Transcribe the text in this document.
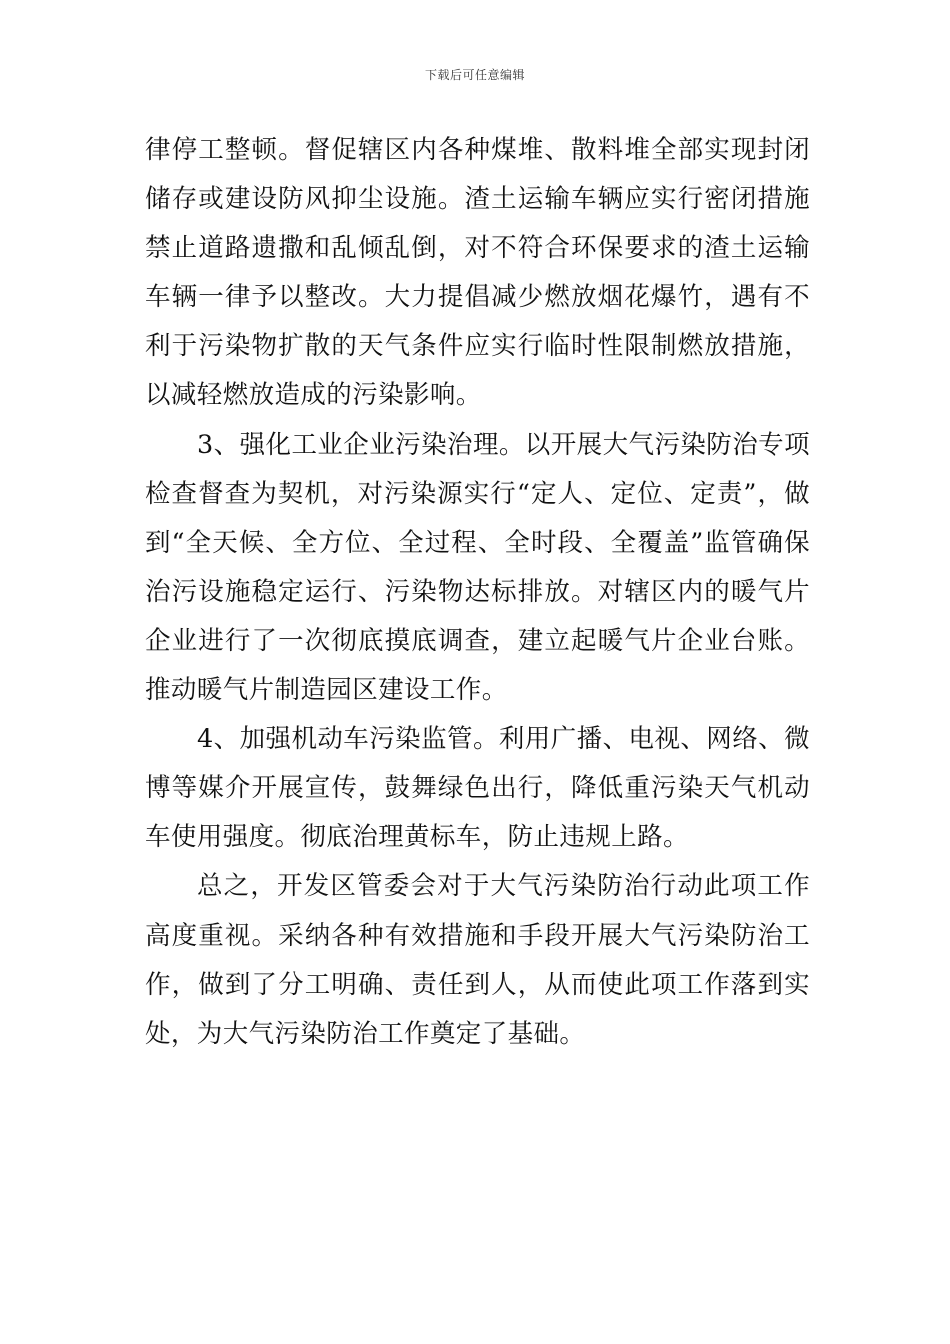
下载后可任意编辑

律停工整顿。督促辖区内各种煤堆、散料堆全部实现封闭储存或建设防风抑尘设施。渣土运输车辆应实行密闭措施禁止道路遗撒和乱倾乱倒，对不符合环保要求的渣土运输车辆一律予以整改。大力提倡减少燃放烟花爆竹，遇有不利于污染物扩散的天气条件应实行临时性限制燃放措施，以减轻燃放造成的污染影响。

3、强化工业企业污染治理。以开展大气污染防治专项检查督查为契机，对污染源实行“定人、定位、定责”，做到“全天候、全方位、全过程、全时段、全覆盖”监管确保治污设施稳定运行、污染物达标排放。对辖区内的暖气片企业进行了一次彻底摸底调查，建立起暖气片企业台账。推动暖气片制造园区建设工作。

4、加强机动车污染监管。利用广播、电视、网络、微博等媒介开展宣传，鼓舞绿色出行，降低重污染天气机动车使用强度。彻底治理黄标车，防止违规上路。

总之，开发区管委会对于大气污染防治行动此项工作高度重视。采纳各种有效措施和手段开展大气污染防治工作，做到了分工明确、责任到人，从而使此项工作落到实处，为大气污染防治工作奠定了基础。
